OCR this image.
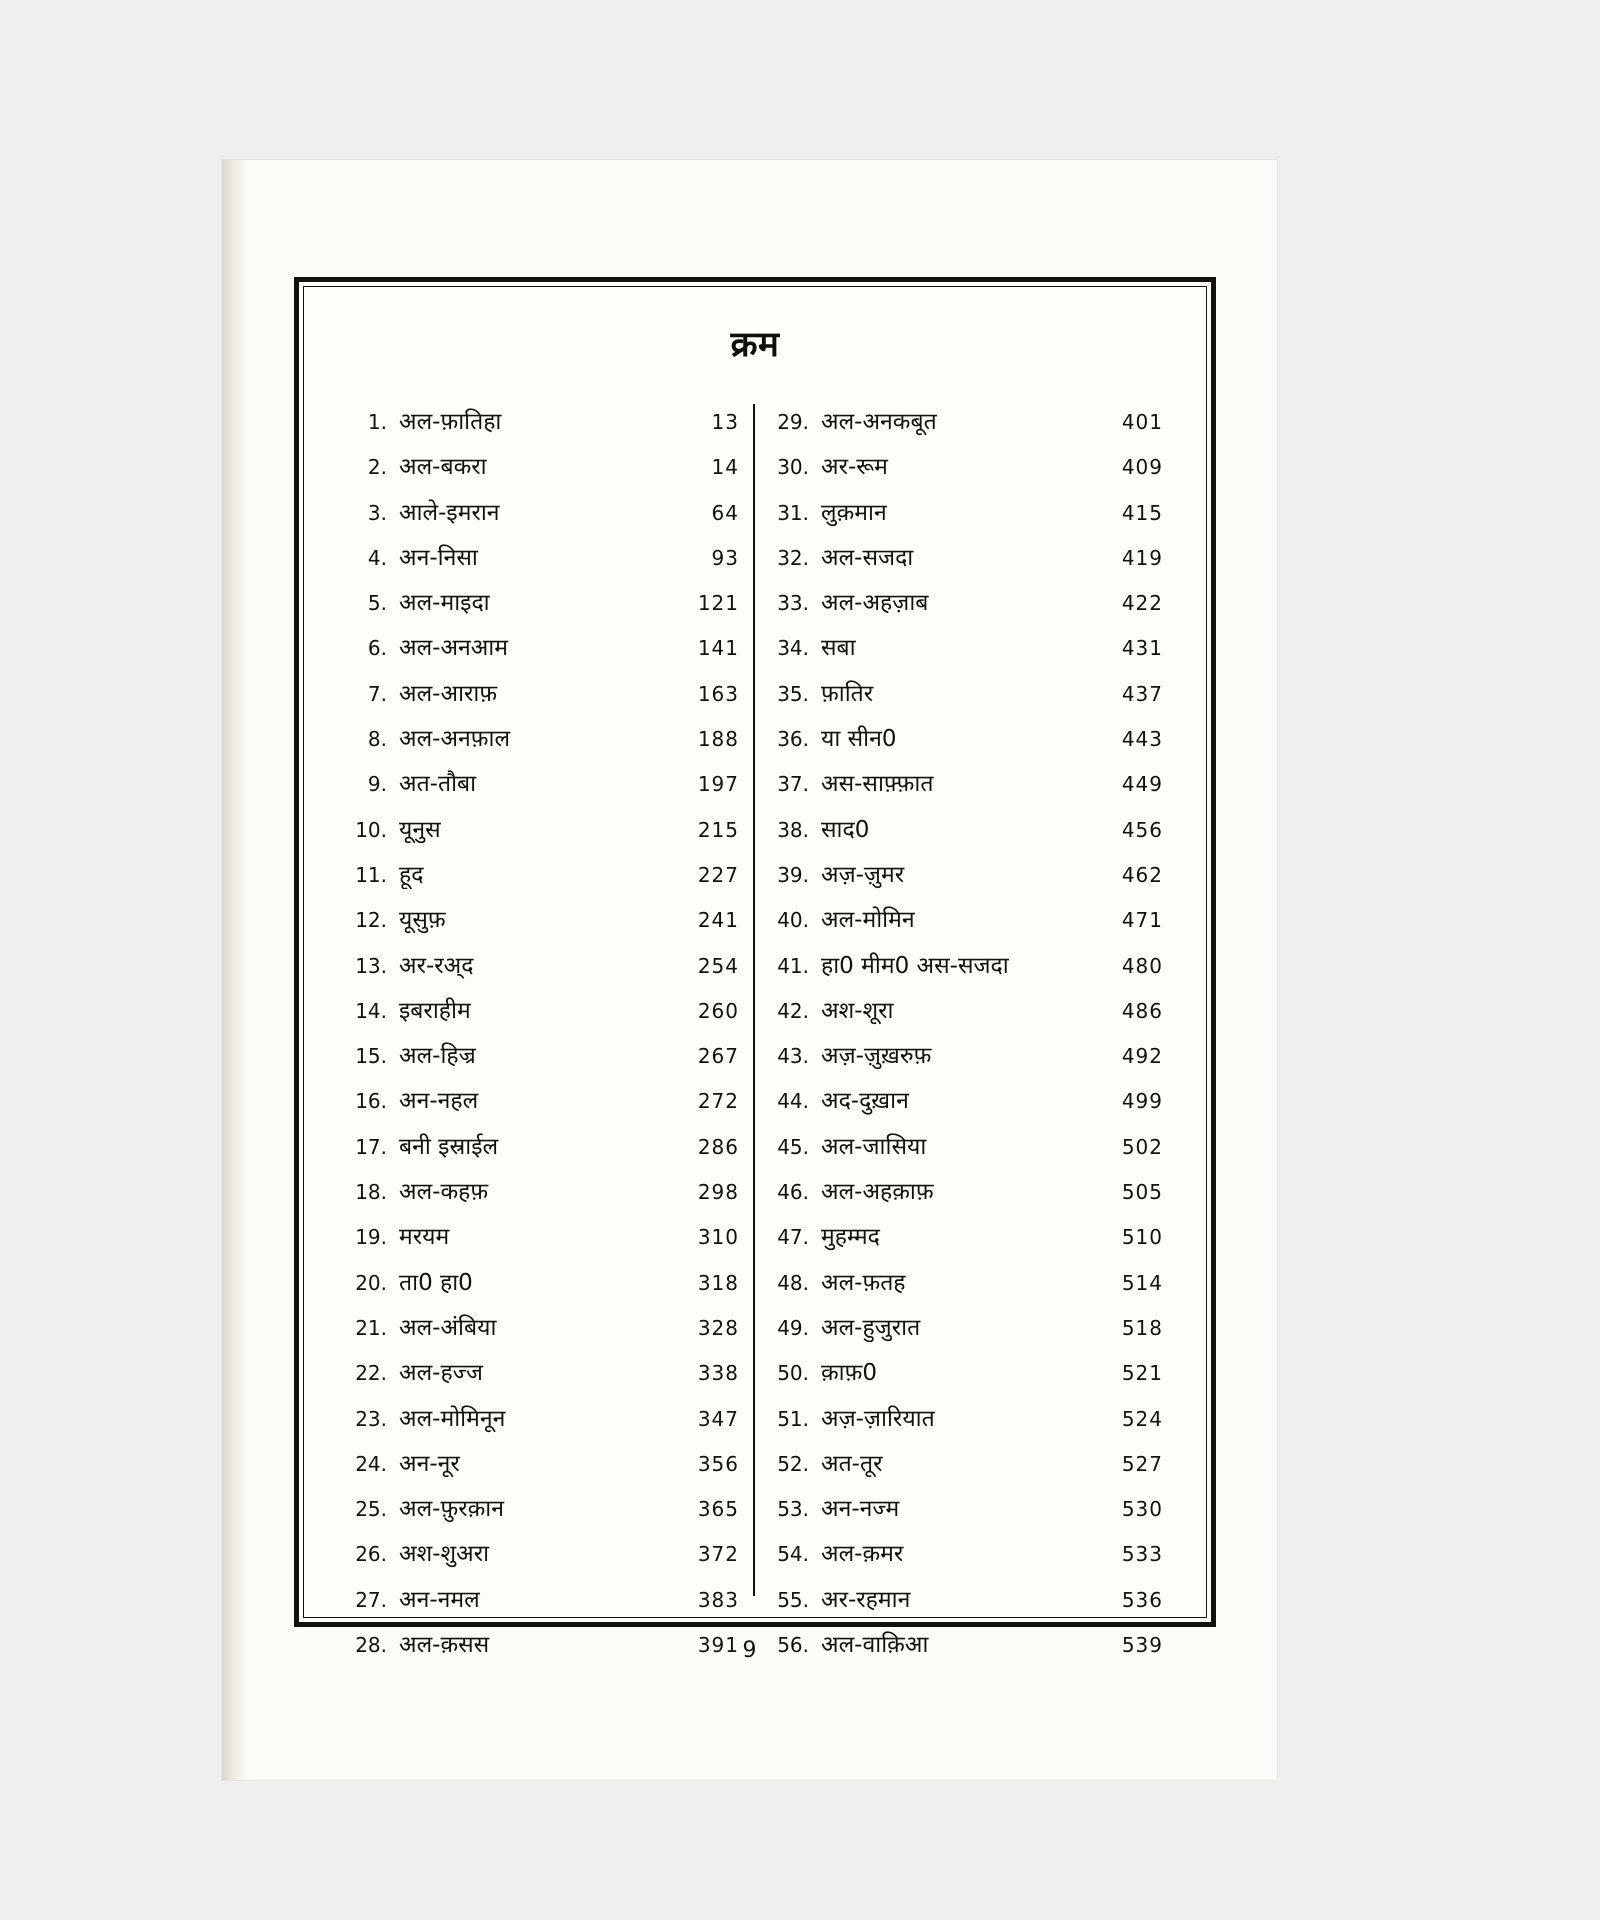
क्रम
1. अल-फ़ातिहा	13
2. अल-बकरा	14
3. आले-इमरान	64
4. अन-निसा	93
5. अल-माइदा	121
6. अल-अनआम	141
7. अल-आराफ़	163
8. अल-अनफ़ाल	188
9. अत-तौबा	197
10. यूनुस	215
11. हूद	227
12. यूसुफ़	241
13. अर-रअ्द	254
14. इबराहीम	260
15. अल-हिज्र	267
16. अन-नहल	272
17. बनी इस्राईल	286
18. अल-कहफ़	298
19. मरयम	310
20. ता0 हा0	318
21. अल-अंबिया	328
22. अल-हज्ज	338
23. अल-मोमिनून	347
24. अन-नूर	356
25. अल-फ़ुरक़ान	365
26. अश-शुअरा	372
27. अन-नमल	383
28. अल-क़सस	391
29. अल-अनकबूत	401
30. अर-रूम	409
31. लुक़मान	415
32. अल-सजदा	419
33. अल-अहज़ाब	422
34. सबा	431
35. फ़ातिर	437
36. या सीन0	443
37. अस-साफ़्फ़ात	449
38. साद0	456
39. अज़-ज़ुमर	462
40. अल-मोमिन	471
41. हा0 मीम0 अस-सजदा	480
42. अश-शूरा	486
43. अज़-ज़ुख़रुफ़	492
44. अद-दुख़ान	499
45. अल-जासिया	502
46. अल-अहक़ाफ़	505
47. मुहम्मद	510
48. अल-फ़तह	514
49. अल-हुजुरात	518
50. क़ाफ़0	521
51. अज़-ज़ारियात	524
52. अत-तूर	527
53. अन-नज्म	530
54. अल-क़मर	533
55. अर-रहमान	536
56. अल-वाक़िआ	539
9
